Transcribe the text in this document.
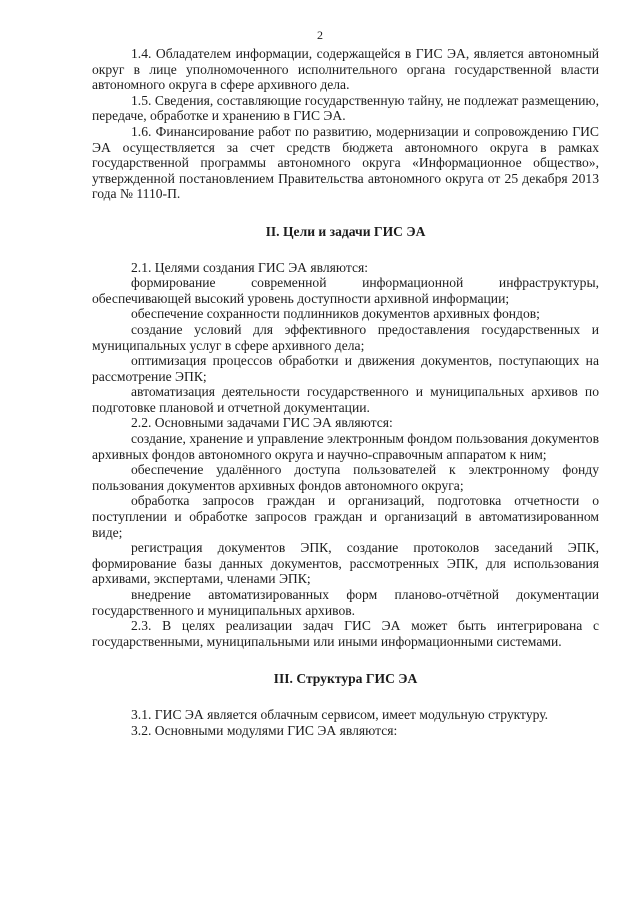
2

1.4. Обладателем информации, содержащейся в ГИС ЭА, является автономный округ в лице уполномоченного исполнительного органа государственной власти автономного округа в сфере архивного дела.

1.5. Сведения, составляющие государственную тайну, не подлежат размещению, передаче, обработке и хранению в ГИС ЭА.

1.6. Финансирование работ по развитию, модернизации и сопровождению ГИС ЭА осуществляется за счет средств бюджета автономного округа в рамках государственной программы автономного округа «Информационное общество», утвержденной постановлением Правительства автономного округа от 25 декабря 2013 года № 1110-П.

II. Цели и задачи ГИС ЭА

2.1. Целями создания ГИС ЭА являются:

формирование современной информационной инфраструктуры, обеспечивающей высокий уровень доступности архивной информации;

обеспечение сохранности подлинников документов архивных фондов;

создание условий для эффективного предоставления государственных и муниципальных услуг в сфере архивного дела;

оптимизация процессов обработки и движения документов, поступающих на рассмотрение ЭПК;

автоматизация деятельности государственного и муниципальных архивов по подготовке плановой и отчетной документации.

2.2. Основными задачами ГИС ЭА являются:

создание, хранение и управление электронным фондом пользования документов архивных фондов автономного округа и научно-справочным аппаратом к ним;

обеспечение удалённого доступа пользователей к электронному фонду пользования документов архивных фондов автономного округа;

обработка запросов граждан и организаций, подготовка отчетности о поступлении и обработке запросов граждан и организаций в автоматизированном виде;

регистрация документов ЭПК, создание протоколов заседаний ЭПК, формирование базы данных документов, рассмотренных ЭПК, для использования архивами, экспертами, членами ЭПК;

внедрение автоматизированных форм планово-отчётной документации государственного и муниципальных архивов.

2.3. В целях реализации задач ГИС ЭА может быть интегрирована с государственными, муниципальными или иными информационными системами.

III. Структура ГИС ЭА

3.1. ГИС ЭА является облачным сервисом, имеет модульную структуру.

3.2. Основными модулями ГИС ЭА являются:
